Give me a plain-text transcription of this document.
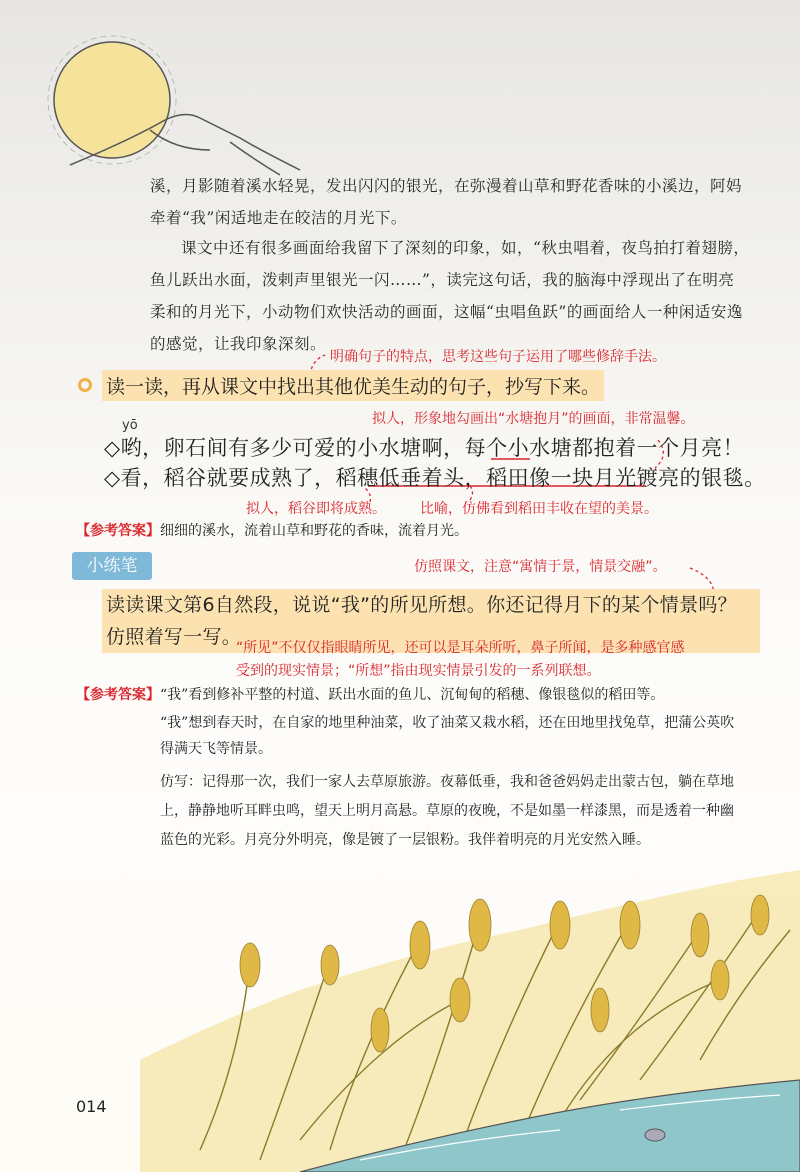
溪，月影随着溪水轻晃，发出闪闪的银光，在弥漫着山草和野花香味的小溪边，阿妈牵着“我”闲适地走在皎洁的月光下。
课文中还有很多画面给我留下了深刻的印象，如，“秋虫唱着，夜鸟拍打着翅膀，鱼儿跃出水面，泼剌声里银光一闪……”，读完这句话，我的脑海中浮现出了在明亮柔和的月光下，小动物们欢快活动的画面，这幅“虫唱鱼跃”的画面给人一种闲适安逸的感觉，让我印象深刻。
明确句子的特点，思考这些句子运用了哪些修辞手法。
读一读，再从课文中找出其他优美生动的句子，抄写下来。
拟人，形象地勾画出“水塘抱月”的画面，非常温馨。
yō
◇哟，卵石间有多少可爱的小水塘啊，每个小水塘都抱着一个月亮！
◇看，稻谷就要成熟了，稻穗低垂着头，稻田像一块月光镀亮的银毯。
拟人，稻谷即将成熟。 比喻，仿佛看到稻田丰收在望的美景。
【参考答案】细细的溪水，流着山草和野花的香味，流着月光。
小练笔	仿照课文，注意“寓情于景，情景交融”。
读读课文第6自然段，说说“我”的所见所想。你还记得月下的某个情景吗？仿照着写一写。
“所见”不仅仅指眼睛所见，还可以是耳朵所听，鼻子所闻，是多种感官感
受到的现实情景；“所想”指由现实情景引发的一系列联想。
【参考答案】“我”看到修补平整的村道、跃出水面的鱼儿、沉甸甸的稻穗、像银毯似的稻田等。
“我”想到春天时，在自家的地里种油菜，收了油菜又栽水稻，还在田地里找兔草，把蒲公英吹得满天飞等情景。
仿写：记得那一次，我们一家人去草原旅游。夜幕低垂，我和爸爸妈妈走出蒙古包，躺在草地上，静静地听耳畔虫鸣，望天上明月高悬。草原的夜晚，不是如墨一样漆黑，而是透着一种幽蓝色的光彩。月亮分外明亮，像是镀了一层银粉。我伴着明亮的月光安然入睡。
014
